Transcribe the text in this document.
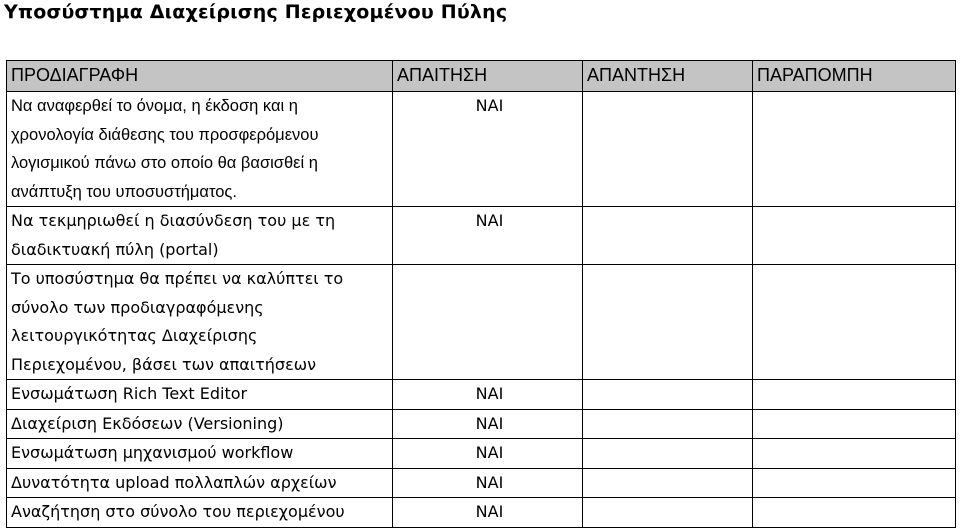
Υποσύστημα Διαχείρισης Περιεχομένου Πύλης
ΠΡΟΔΙΑΓΡΑΦΗ	ΑΠΑΙΤΗΣΗ	ΑΠΑΝΤΗΣΗ	ΠΑΡΑΠΟΜΠΗ

Να αναφερθεί το όνομα, η έκδοση και η
χρονολογία διάθεσης του προσφερόμενου
λογισμικού πάνω στο οποίο θα βασισθεί η
ανάπτυξη του υποσυστήματος.	ΝΑΙ		

Να τεκμηριωθεί η διασύνδεση του με τη
διαδικτυακή πύλη (portal)	ΝΑΙ		

Το υποσύστημα θα πρέπει να καλύπτει το
σύνολο των προδιαγραφόμενης
λειτουργικότητας Διαχείρισης
Περιεχομένου, βάσει των απαιτήσεων			

Ενσωμάτωση Rich Text Editor	ΝΑΙ		
Διαχείριση Εκδόσεων (Versioning)	ΝΑΙ		
Ενσωμάτωση μηχανισμού workflow	ΝΑΙ		
Δυνατότητα upload πολλαπλών αρχείων	ΝΑΙ		
Αναζήτηση στο σύνολο του περιεχομένου	ΝΑΙ		
